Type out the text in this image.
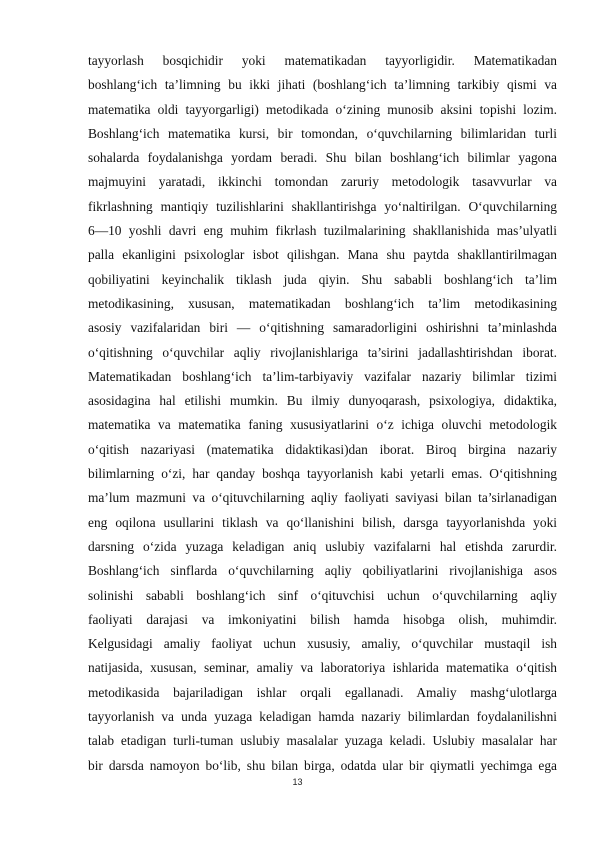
tayyorlash bosqichidir yoki matematikadan tayyorligidir. Matematikadan
boshlang‘ich ta’limning bu ikki jihati (boshlang‘ich ta’limning tarkibiy qismi va
matematika oldi tayyorgarligi) metodikada o‘zining munosib aksini topishi lozim.
Boshlang‘ich matematika kursi, bir tomondan, o‘quvchilarning bilimlaridan turli
sohalarda foydalanishga yordam beradi. Shu bilan boshlang‘ich bilimlar yagona
majmuyini yaratadi, ikkinchi tomondan zaruriy metodologik tasavvurlar va
fikrlashning mantiqiy tuzilishlarini shakllantirishga yo‘naltirilgan. O‘quvchilarning
6—10 yoshli davri eng muhim fikrlash tuzilmalarining shakllanishida mas’ulyatli
palla ekanligini psixologlar isbot qilishgan. Mana shu paytda shakllantirilmagan
qobiliyatini keyinchalik tiklash juda qiyin. Shu sababli boshlang‘ich ta’lim
metodikasining, xususan, matematikadan boshlang‘ich ta’lim metodikasining
asosiy vazifalaridan biri — o‘qitishning samaradorligini oshirishni ta’minlashda
o‘qitishning o‘quvchilar aqliy rivojlanishlariga ta’sirini jadallashtirishdan iborat.
Matematikadan boshlang‘ich ta’lim-tarbiyaviy vazifalar nazariy bilimlar tizimi
asosidagina hal etilishi mumkin. Bu ilmiy dunyoqarash, psixologiya, didaktika,
matematika va matematika faning xususiyatlarini o‘z ichiga oluvchi metodologik
o‘qitish nazariyasi (matematika didaktikasi)dan iborat. Biroq birgina nazariy
bilimlarning o‘zi, har qanday boshqa tayyorlanish kabi yetarli emas. O‘qitishning
ma’lum mazmuni va o‘qituvchilarning aqliy faoliyati saviyasi bilan ta’sirlanadigan
eng oqilona usullarini tiklash va qo‘llanishini bilish, darsga tayyorlanishda yoki
darsning o‘zida yuzaga keladigan aniq uslubiy vazifalarni hal etishda zarurdir.
Boshlang‘ich sinflarda o‘quvchilarning aqliy qobiliyatlarini rivojlanishiga asos
solinishi sababli boshlang‘ich sinf o‘qituvchisi uchun o‘quvchilarning aqliy
faoliyati darajasi va imkoniyatini bilish hamda hisobga olish, muhimdir.
Kelgusidagi amaliy faoliyat uchun xususiy, amaliy, o‘quvchilar mustaqil ish
natijasida, xususan, seminar, amaliy va laboratoriya ishlarida matematika o‘qitish
metodikasida bajariladigan ishlar orqali egallanadi. Amaliy mashg‘ulotlarga
tayyorlanish va unda yuzaga keladigan hamda nazariy bilimlardan foydalanilishni
talab etadigan turli-tuman uslubiy masalalar yuzaga keladi. Uslubiy masalalar har
bir darsda namoyon bo‘lib, shu bilan birga, odatda ular bir qiymatli yechimga ega
13
